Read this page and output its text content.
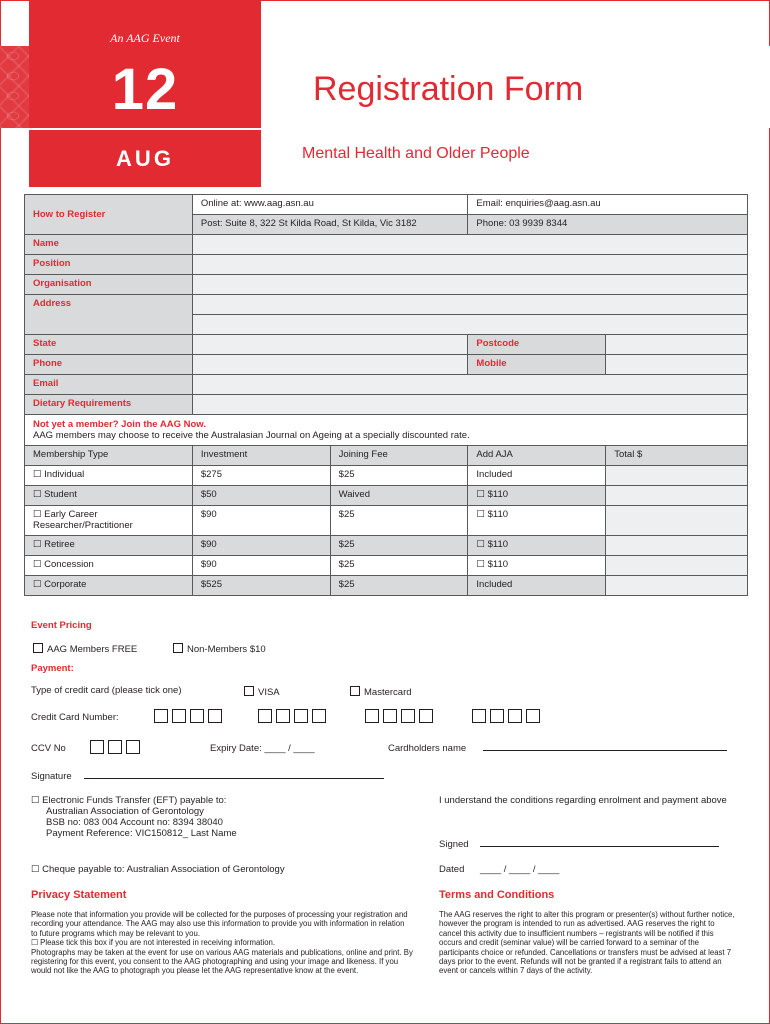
An AAG Event
12
AUG
Registration Form
Mental Health and Older People
How to Register	Online at: www.aag.asn.au		Email: enquiries@aag.asn.au	
	Post: Suite 8, 322 St Kilda Road, St Kilda, Vic 3182		Phone: 03 9939 8344	
Name				
Position				
Organisation				
Address				

State			Postcode	
Phone			Mobile	
Email				
Dietary Requirements				

Not yet a member? Join the AAG Now.
AAG members may choose to receive the Australasian Journal on Ageing at a specially discounted rate.				

Membership Type	Investment	Joining Fee	Add AJA	Total $
☐ Individual	$275	$25	Included	
☐ Student	$50	Waived	☐ $110	
☐ Early Career Researcher/Practitioner	$90	$25	☐ $110	
☐ Retiree	$90	$25	☐ $110	
☐ Concession	$90	$25	☐ $110	
☐ Corporate	$525	$25	Included	
Event Pricing
AAG Members FREE	Non-Members $10
Payment:
Type of credit card (please tick one)	VISA	Mastercard
Credit Card Number:
CCV No	Expiry Date: ____ / ____	Cardholders name
Signature
☐ Electronic Funds Transfer (EFT) payable to:
Australian Association of Gerontology
BSB no: 083 004 Account no: 8394 38040
Payment Reference: VIC150812_ Last Name
I understand the conditions regarding enrolment and payment above
Signed
☐ Cheque payable to: Australian Association of Gerontology	Dated ____ / ____ / ____
Privacy Statement
Please note that information you provide will be collected for the purposes of processing your registration and recording your attendance. The AAG may also use this information to provide you with information in relation to future programs which may be relevant to you.
☐ Please tick this box if you are not interested in receiving information.
Photographs may be taken at the event for use on various AAG materials and publications, online and print. By registering for this event, you consent to the AAG photographing and using your image and likeness. If you would not like the AAG to photograph you please let the AAG representative know at the event.
Terms and Conditions
The AAG reserves the right to alter this program or presenter(s) without further notice, however the program is intended to run as advertised. AAG reserves the right to cancel this activity due to insufficient numbers – registrants will be notified if this occurs and credit (seminar value) will be carried forward to a seminar of the participants choice or refunded. Cancellations or transfers must be advised at least 7 days prior to the event. Refunds will not be granted if a registrant fails to attend an event or cancels within 7 days of the activity.
